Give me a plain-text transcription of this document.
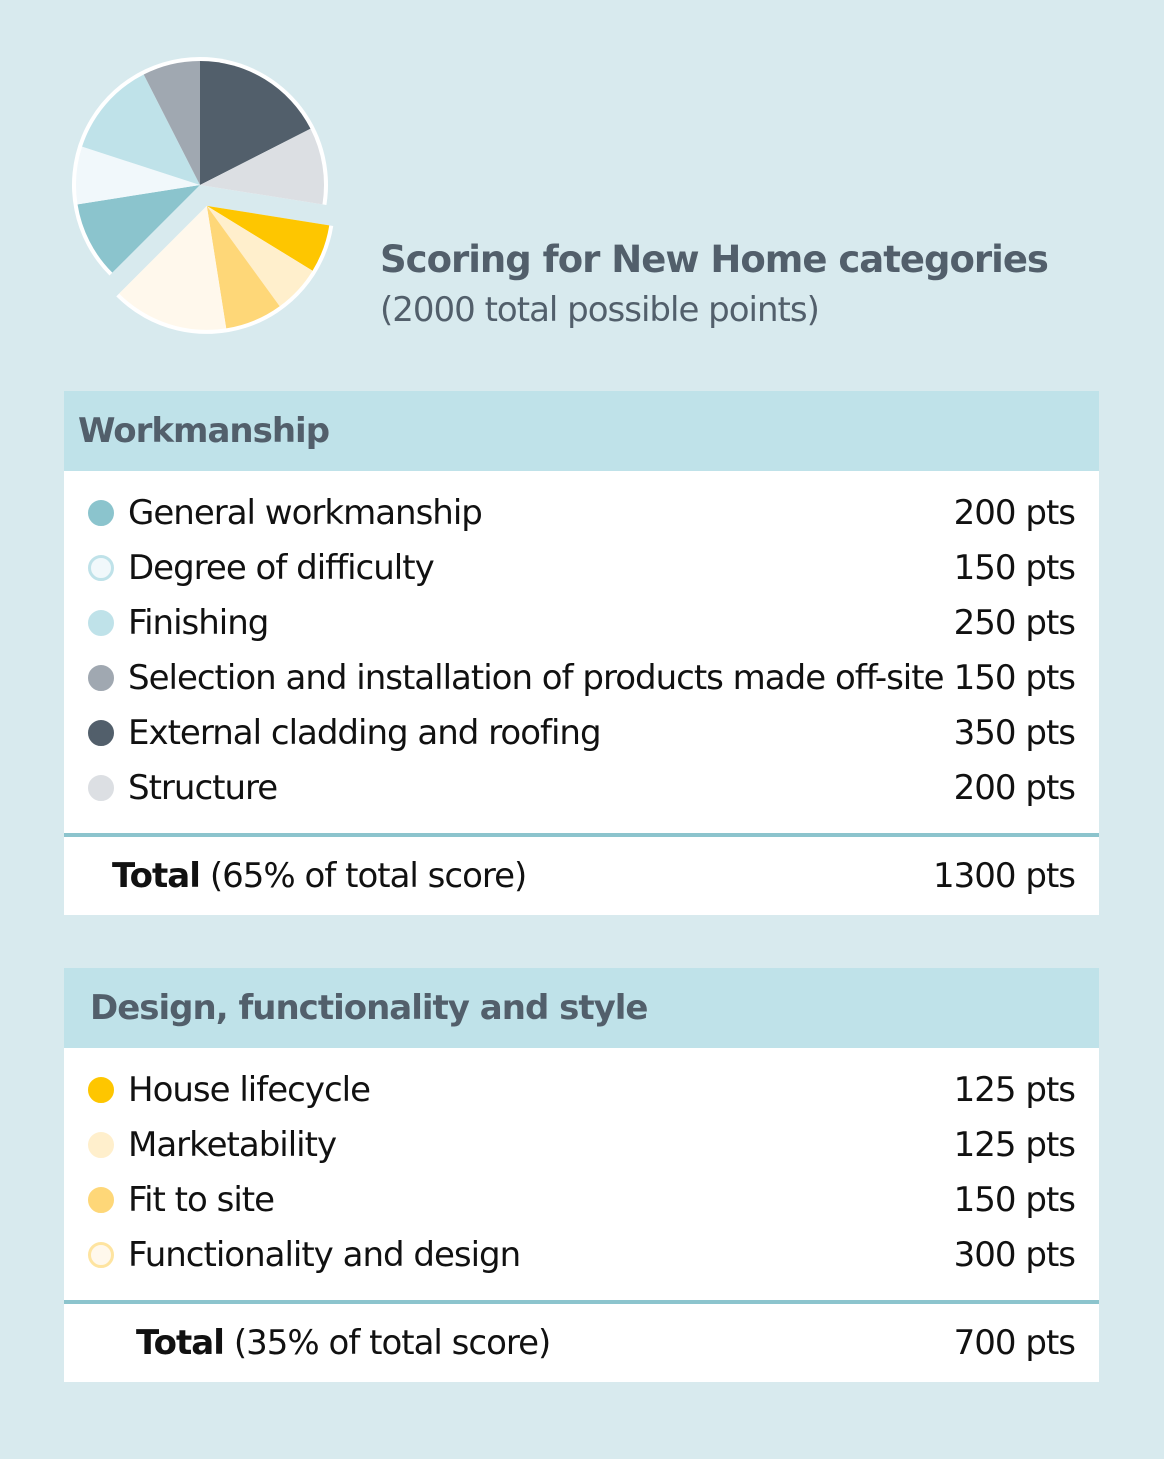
Scoring for New Home categories
(2000 total possible points)
Workmanship
General workmanship	200 pts
Degree of difficulty	150 pts
Finishing	250 pts
Selection and installation of products made off-site 150 pts
External cladding and roofing	350 pts
Structure	200 pts
Total (65% of total score)	1300 pts
Design, functionality and style
House lifecycle	125 pts
Marketability	125 pts
Fit to site	150 pts
Functionality and design	300 pts
Total (35% of total score)	700 pts
